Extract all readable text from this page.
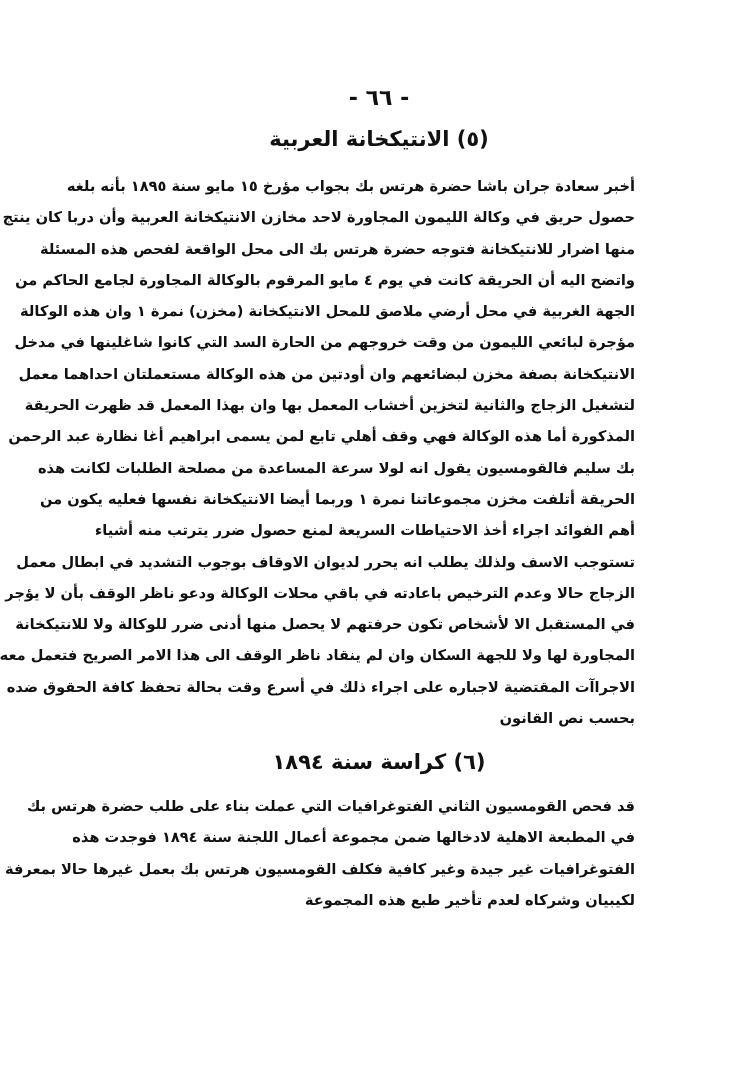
- ٦٦ -
(٥) الانتيكخانة العربية
أخبر سعادة جران باشا حضرة هرتس بك بجواب مؤرخ ١٥ مايو سنة ١٨٩٥ بأنه بلغه
حصول حريق في وكالة الليمون المجاورة لاحد مخازن الانتيكخانة العربية وأن دربا كان ينتج
منها اضرار للانتيكخانة فتوجه حضرة هرتس بك الى محل الواقعة لفحص هذه المسئلة
واتضح اليه أن الحريقة كانت في يوم ٤ مايو المرقوم بالوكالة المجاورة لجامع الحاكم من
الجهة الغربية في محل أرضي ملاصق للمحل الانتيكخانة (مخزن) نمرة ١ وان هذه الوكالة
مؤجرة لبائعي الليمون من وقت خروجهم من الحارة السد التي كانوا شاغلينها في مدخل
الانتيكخانة بصفة مخزن لبضائعهم وان أودتين من هذه الوكالة مستعملتان احداهما معمل
لتشغيل الزجاج والثانية لتخزين أخشاب المعمل بها وان بهذا المعمل قد ظهرت الحريقة
المذكورة أما هذه الوكالة فهي وقف أهلي تابع لمن يسمى ابراهيم أغا نظارة عبد الرحمن
بك سليم فالقومسيون يقول انه لولا سرعة المساعدة من مصلحة الطلبات لكانت هذه
الحريقة أتلفت مخزن مجموعاتنا نمرة ١ وربما أيضا الانتيكخانة نفسها فعليه يكون من
أهم الفوائد اجراء أخذ الاحتياطات السريعة لمنع حصول ضرر يترتب منه أشياء
تستوجب الاسف ولذلك يطلب انه يحرر لديوان الاوقاف بوجوب التشديد في ابطال معمل
الزجاج حالا وعدم الترخيص باعادته في باقي محلات الوكالة ودعو ناظر الوقف بأن لا يؤجر
في المستقبل الا لأشخاص تكون حرفتهم لا يحصل منها أدنى ضرر للوكالة ولا للانتيكخانة
المجاورة لها ولا للجهة السكان وان لم ينقاد ناظر الوقف الى هذا الامر الصريح فتعمل معه
الاجراآت المقتضية لاجباره على اجراء ذلك في أسرع وقت بحالة تحفظ كافة الحقوق ضده
بحسب نص القانون
(٦) كراسة سنة ١٨٩٤
قد فحص القومسيون الثاني الفتوغرافيات التي عملت بناء على طلب حضرة هرتس بك
في المطبعة الاهلية لادخالها ضمن مجموعة أعمال اللجنة سنة ١٨٩٤ فوجدت هذه
الفتوغرافيات غير جيدة وغير كافية فكلف القومسيون هرتس بك بعمل غيرها حالا بمعرفة
لكيبيان وشركاه لعدم تأخير طبع هذه المجموعة
